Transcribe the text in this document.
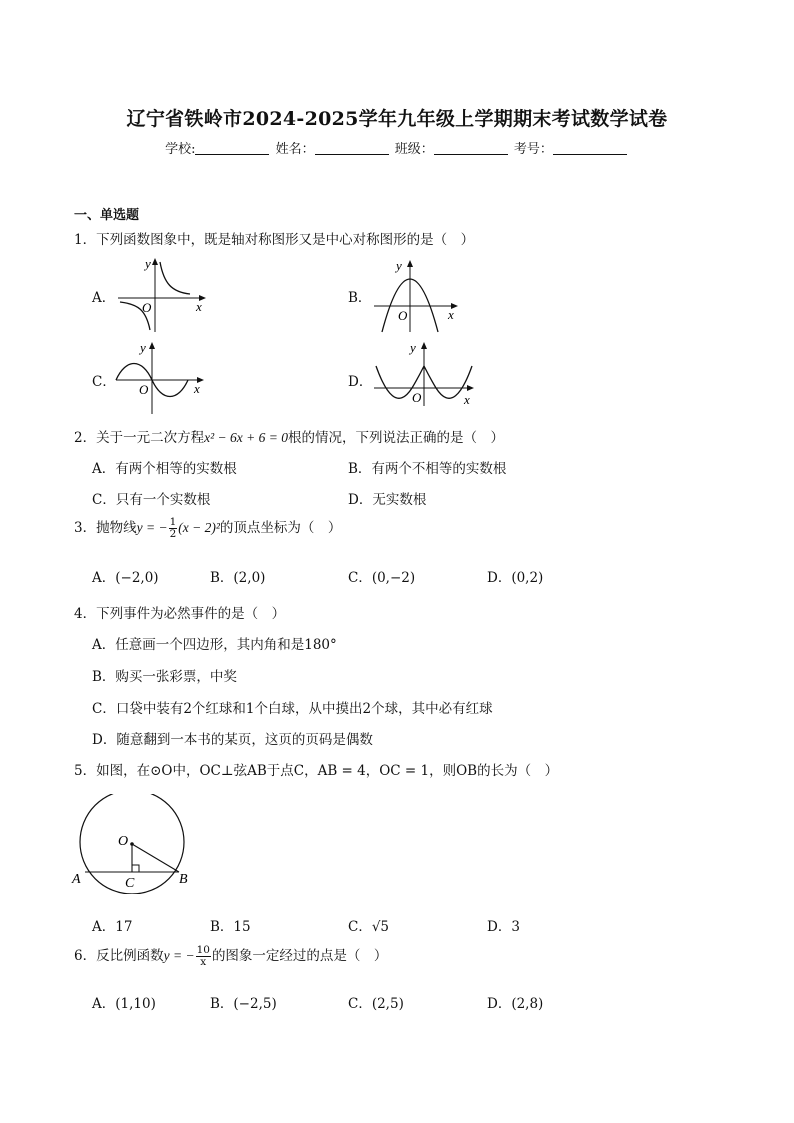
辽宁省铁岭市2024-2025学年九年级上学期期末考试数学试卷
学校:	姓名：	班级：	考号：
一、单选题
1．下列函数图象中，既是轴对称图形又是中心对称图形的是（　）
A．
y
x
O
B．
y
x
O
C．
y
x
O	D．
y
x
O
2．关于一元二次方程x² − 6x + 6 = 0根的情况，下列说法正确的是（　）
A．有两个相等的实数根	B．有两个不相等的实数根
C．只有一个实数根	D．无实数根
3．抛物线y = − $\frac{1}{2} (x - 2)^2$的顶点坐标为（　）
A．(−2,0)	B．(2,0)	C．(0,−2)	D．(0,2)
4．下列事件为必然事件的是（　）
A．任意画一个四边形，其内角和是180°
B．购买一张彩票，中奖
C．口袋中装有2个红球和1个白球，从中摸出2个球，其中必有红球
D．随意翻到一本书的某页，这页的页码是偶数
5．如图，在⊙O中，OC⊥弦AB于点C，AB = 4，OC = 1，则OB的长为（　）
O
A	B
C
A．17	B．15	C．√5	D．3
6．反比例函数y = − $\frac{10}{x}$ 的图象一定经过的点是（　）
A．(1,10)	B．(−2,5)	C．(2,5)	D．(2,8)
